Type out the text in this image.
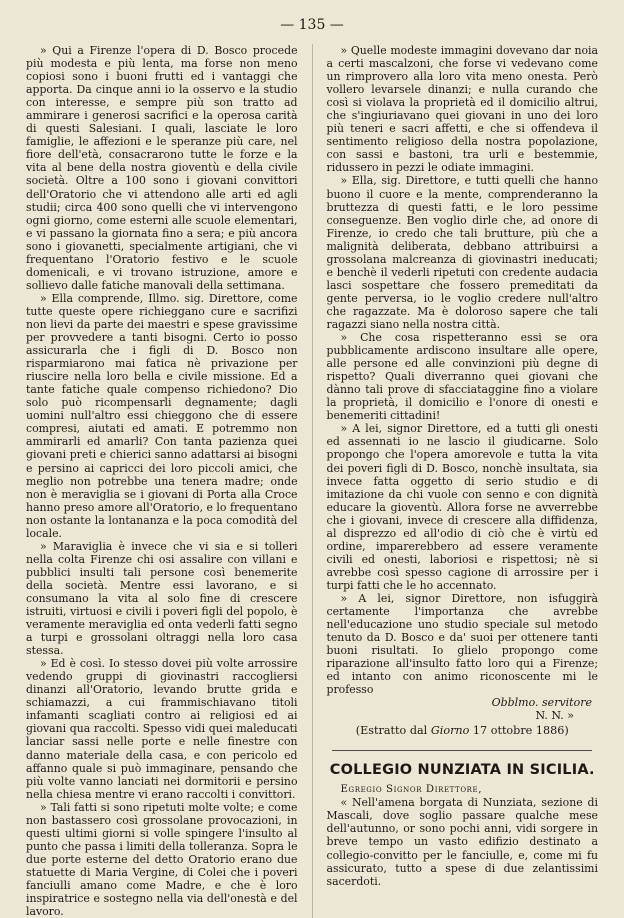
— 135 —

» Qui a Firenze l'opera di D. Bosco procede più modesta e più lenta, ma forse non meno copiosi sono i buoni frutti ed i vantaggi che apporta. Da cinque anni io la osservo e la studio con interesse, e sempre più son tratto ad ammirare i generosi sacrifici e la operosa carità di questi Salesiani. I quali, lasciate le loro famiglie, le affezioni e le speranze più care, nel fiore dell'età, consacrarono tutte le forze e la vita al bene della nostra gioventù e della civile società. Oltre a 100 sono i giovani convittori dell'Oratorio che vi attendono alle arti ed agli studii; circa 400 sono quelli che vi intervengono ogni giorno, come esterni alle scuole elementari, e vi passano la giornata fino a sera; e più ancora sono i giovanetti, specialmente artigiani, che vi frequentano l'Oratorio festivo e le scuole domenicali, e vi trovano istruzione, amore e sollievo dalle fatiche manovali della settimana.

» Ella comprende, Illmo. sig. Direttore, come tutte queste opere richieggano cure e sacrifizi non lievi da parte dei maestri e spese gravissime per provvedere a tanti bisogni. Certo io posso assicurarla che i figli di D. Bosco non risparmiarono mai fatica nè privazione per riuscire nella loro bella e civile missione. Ed a tante fatiche quale compenso richiedono? Dio solo può ricompensarli degnamente; dagli uomini null'altro essi chieggono che di essere compresi, aiutati ed amati. E potremmo non ammirarli ed amarli? Con tanta pazienza quei giovani preti e chierici sanno adattarsi ai bisogni e persino ai capricci dei loro piccoli amici, che meglio non potrebbe una tenera madre; onde non è meraviglia se i giovani di Porta alla Croce hanno preso amore all'Oratorio, e lo frequentano non ostante la lontananza e la poca comodità del locale.

» Maraviglia è invece che vi sia e si tolleri nella colta Firenze chi osi assalire con villani e pubblici insulti tali persone così benemerite della società. Mentre essi lavorano, e si consumano la vita al solo fine di crescere istruiti, virtuosi e civili i poveri figli del popolo, è veramente meraviglia ed onta vederli fatti segno a turpi e grossolani oltraggi nella loro casa stessa.

» Ed è così. Io stesso dovei più volte arrossire vedendo gruppi di giovinastri raccogliersi dinanzi all'Oratorio, levando brutte grida e schiamazzi, a cui frammischiavano titoli infamanti scagliati contro ai religiosi ed ai giovani qua raccolti. Spesso vidi quei maleducati lanciar sassi nelle porte e nelle finestre con danno materiale della casa, e con pericolo ed affanno quale si può immaginare, pensando che più volte vanno lanciati nei dormitorii e persino nella chiesa mentre vi erano raccolti i convittori.

» Tali fatti si sono ripetuti molte volte; e come non bastassero così grossolane provocazioni, in questi ultimi giorni si volle spingere l'insulto al punto che passa i limiti della tolleranza. Sopra le due porte esterne del detto Oratorio erano due statuette di Maria Vergine, di Colei che i poveri fanciulli amano come Madre, e che è loro inspiratrice e sostegno nella via dell'onestà e del lavoro.

» Quelle modeste immagini dovevano dar noia a certi mascalzoni, che forse vi vedevano come un rimprovero alla loro vita meno onesta. Però vollero levarsele dinanzi; e nulla curando che così si violava la proprietà ed il domicilio altrui, che s'ingiuriavano quei giovani in uno dei loro più teneri e sacri affetti, e che si offendeva il sentimento religioso della nostra popolazione, con sassi e bastoni, tra urli e bestemmie, ridussero in pezzi le odiate immagini.

» Ella, sig. Direttore, e tutti quelli che hanno buono il cuore e la mente, comprenderanno la bruttezza di questi fatti, e le loro pessime conseguenze. Ben voglio dirle che, ad onore di Firenze, io credo che tali brutture, più che a malignità deliberata, debbano attribuirsi a grossolana malcreanza di giovinastri ineducati; e benchè il vederli ripetuti con credente audacia lasci sospettare che fossero premeditati da gente perversa, io le voglio credere null'altro che ragazzate. Ma è doloroso sapere che tali ragazzi siano nella nostra città.

» Che cosa rispetteranno essi se ora pubblicamente ardiscono insultare alle opere, alle persone ed alle convinzioni più degne di rispetto? Quali diverranno quei giovani che dànno tali prove di sfacciataggine fino a violare la proprietà, il domicilio e l'onore di onesti e benemeriti cittadini!

» A lei, signor Direttore, ed a tutti gli onesti ed assennati io ne lascio il giudicarne. Solo propongo che l'opera amorevole e tutta la vita dei poveri figli di D. Bosco, nonchè insultata, sia invece fatta oggetto di serio studio e di imitazione da chi vuole con senno e con dignità educare la gioventù. Allora forse ne avverrebbe che i giovani, invece di crescere alla diffidenza, al disprezzo ed all'odio di ciò che è virtù ed ordine, imparerebbero ad essere veramente civili ed onesti, laboriosi e rispettosi; nè si avrebbe così spesso cagione di arrossire per i turpi fatti che le ho accennato.

» A lei, signor Direttore, non isfuggirà certamente l'importanza che avrebbe nell'educazione uno studio speciale sul metodo tenuto da D. Bosco e da' suoi per ottenere tanti buoni risultati. Io glielo propongo come riparazione all'insulto fatto loro qui a Firenze; ed intanto con animo riconoscente mi le professo

Obblmo. servitore
N. N. »
(Estratto dal Giorno 17 ottobre 1886)
COLLEGIO NUNZIATA IN SICILIA.

Egregio Signor Direttore,

« Nell'amena borgata di Nunziata, sezione di Mascali, dove soglio passare qualche mese dell'autunno, or sono pochi anni, vidi sorgere in breve tempo un vasto edifizio destinato a collegio-convitto per le fanciulle, e, come mi fu assicurato, tutto a spese di due zelantissimi sacerdoti.
